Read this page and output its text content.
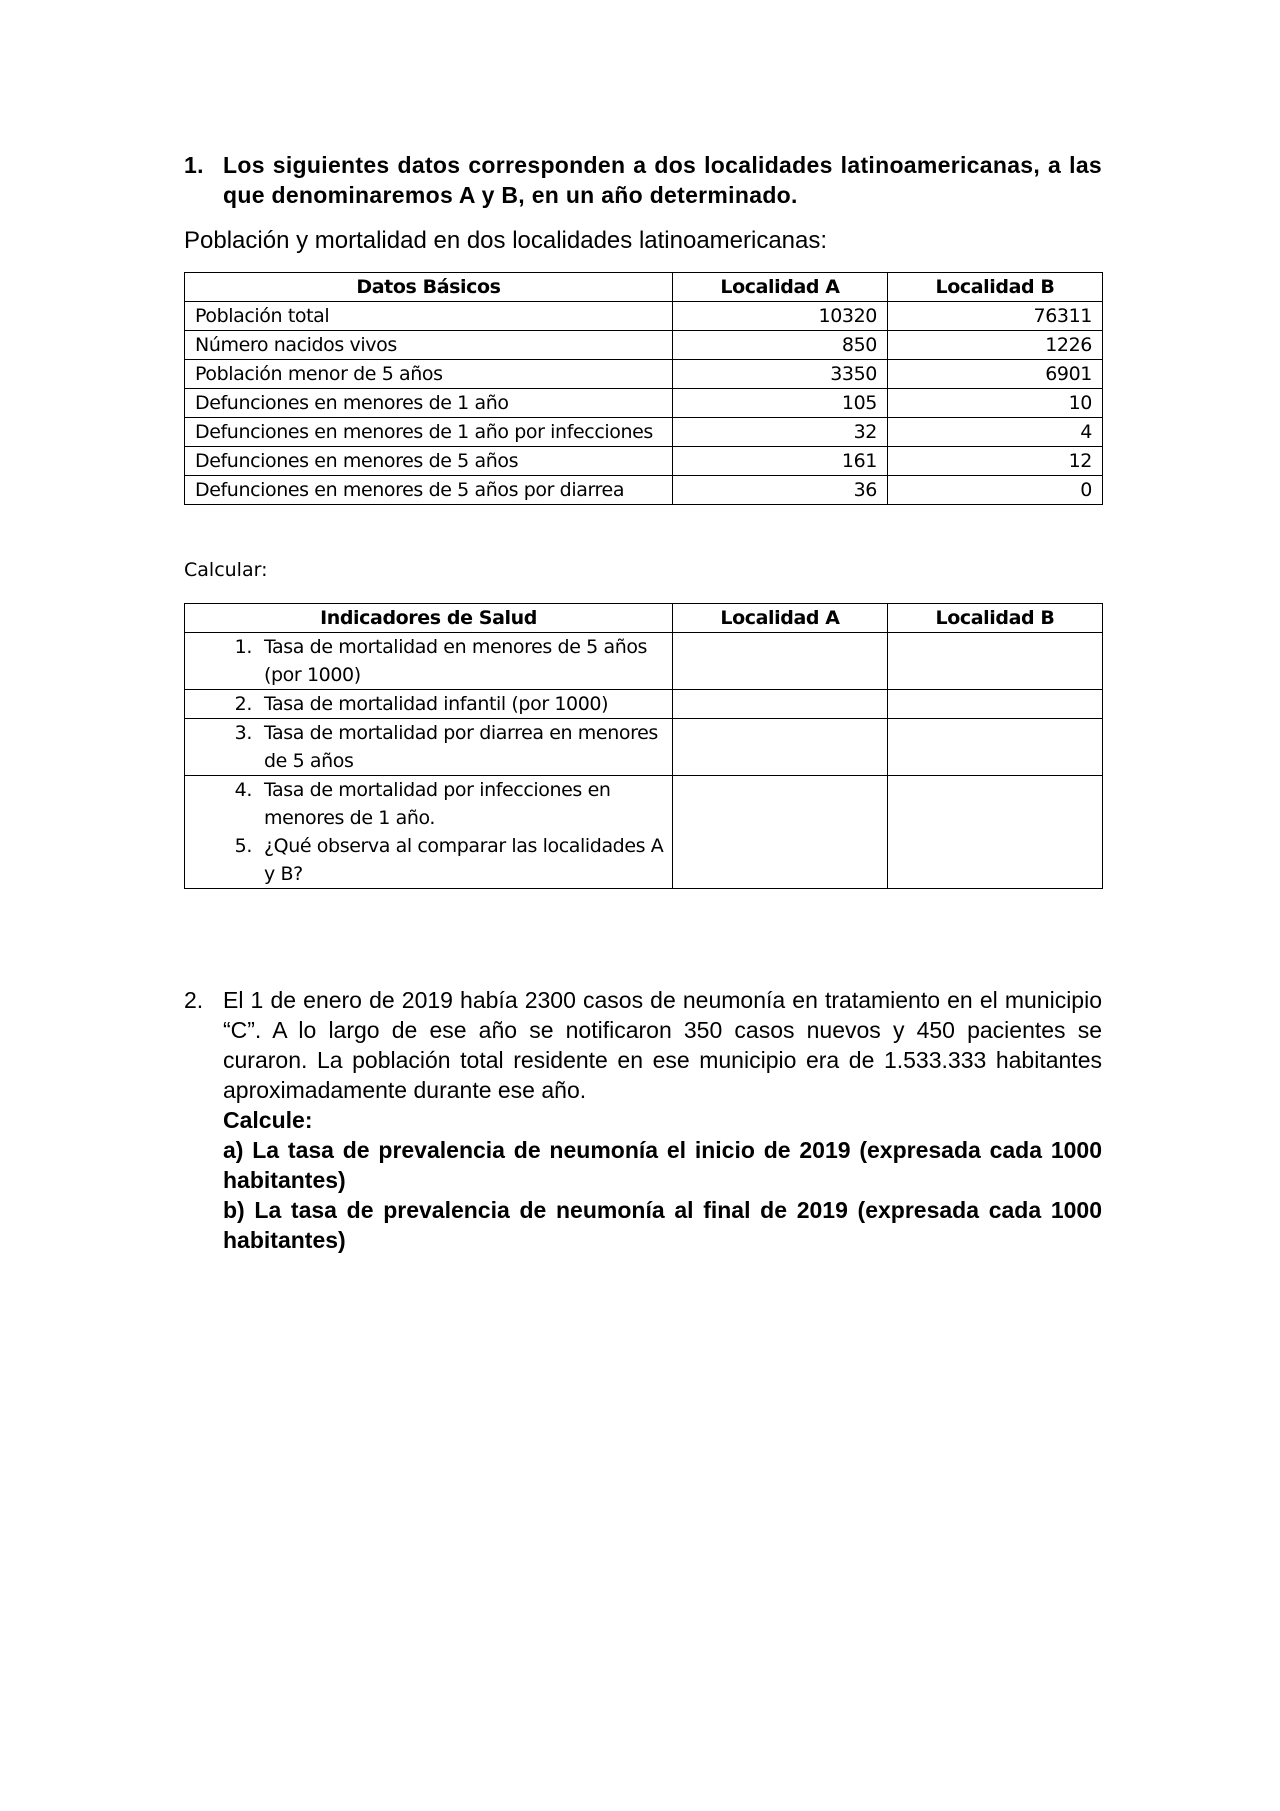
1. Los siguientes datos corresponden a dos localidades latinoamericanas, a las que denominaremos A y B, en un año determinado.
Población y mortalidad en dos localidades latinoamericanas:
Datos Básicos	Localidad A	Localidad B
Población total	10320	76311
Número nacidos vivos	850	1226
Población menor de 5 años	3350	6901
Defunciones en menores de 1 año	105	10
Defunciones en menores de 1 año por infecciones	32	4
Defunciones en menores de 5 años	161	12
Defunciones en menores de 5 años por diarrea	36	0
Calcular:
Indicadores de Salud	Localidad A	Localidad B

1. Tasa de mortalidad en menores de 5 años (por 1000)		

2. Tasa de mortalidad infantil (por 1000)		

3. Tasa de mortalidad por diarrea en menores de 5 años		

4. Tasa de mortalidad por infecciones en menores de 1 año.
5. ¿Qué observa al comparar las localidades A y B?		

2. El 1 de enero de 2019 había 2300 casos de neumonía en tratamiento en el municipio “C”. A lo largo de ese año se notificaron 350 casos nuevos y 450 pacientes se curaron. La población total residente en ese municipio era de 1.533.333 habitantes aproximadamente durante ese año.

Calcule:

a) La tasa de prevalencia de neumonía el inicio de 2019 (expresada cada 1000 habitantes)

b) La tasa de prevalencia de neumonía al final de 2019 (expresada cada 1000 habitantes)
